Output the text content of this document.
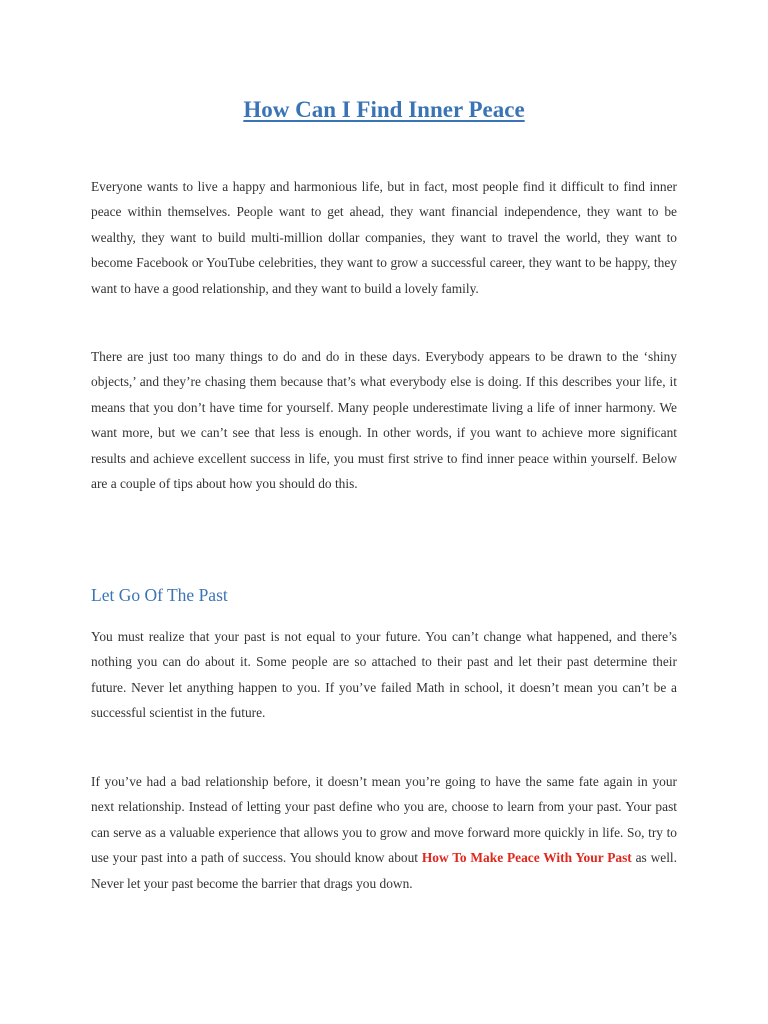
How Can I Find Inner Peace

Everyone wants to live a happy and harmonious life, but in fact, most people find it difficult to find inner peace within themselves. People want to get ahead, they want financial independence, they want to be wealthy, they want to build multi-million dollar companies, they want to travel the world, they want to become Facebook or YouTube celebrities, they want to grow a successful career, they want to be happy, they want to have a good relationship, and they want to build a lovely family.

There are just too many things to do and do in these days. Everybody appears to be drawn to the ‘shiny objects,’ and they’re chasing them because that’s what everybody else is doing. If this describes your life, it means that you don’t have time for yourself. Many people underestimate living a life of inner harmony. We want more, but we can’t see that less is enough. In other words, if you want to achieve more significant results and achieve excellent success in life, you must first strive to find inner peace within yourself. Below are a couple of tips about how you should do this.

Let Go Of The Past

You must realize that your past is not equal to your future. You can’t change what happened, and there’s nothing you can do about it. Some people are so attached to their past and let their past determine their future. Never let anything happen to you. If you’ve failed Math in school, it doesn’t mean you can’t be a successful scientist in the future.

If you’ve had a bad relationship before, it doesn’t mean you’re going to have the same fate again in your next relationship. Instead of letting your past define who you are, choose to learn from your past. Your past can serve as a valuable experience that allows you to grow and move forward more quickly in life. So, try to use your past into a path of success. You should know about How To Make Peace With Your Past as well. Never let your past become the barrier that drags you down.
